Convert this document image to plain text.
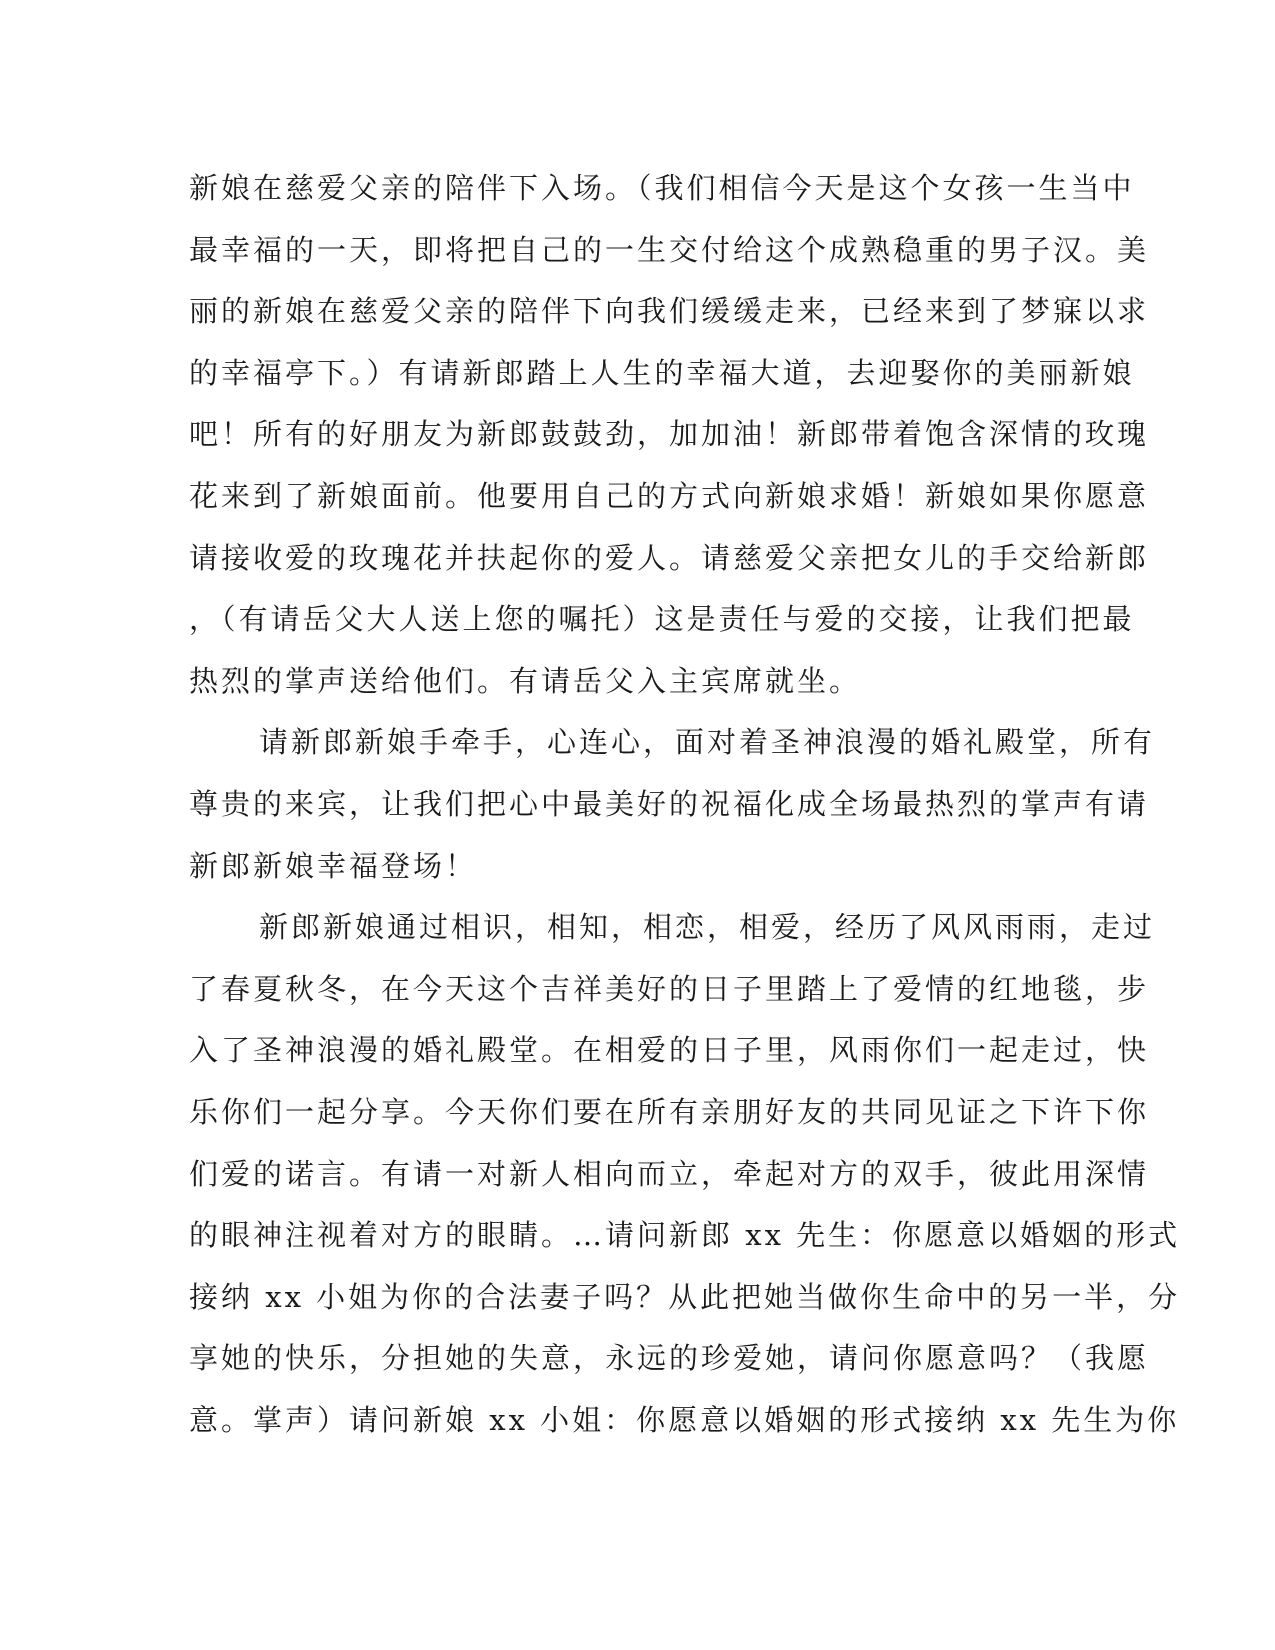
新娘在慈爱父亲的陪伴下入场。（我们相信今天是这个女孩一生当中
最幸福的一天，即将把自己的一生交付给这个成熟稳重的男子汉。美
丽的新娘在慈爱父亲的陪伴下向我们缓缓走来，已经来到了梦寐以求
的幸福亭下。）有请新郎踏上人生的幸福大道，去迎娶你的美丽新娘
吧！所有的好朋友为新郎鼓鼓劲，加加油！新郎带着饱含深情的玫瑰
花来到了新娘面前。他要用自己的方式向新娘求婚！新娘如果你愿意
请接收爱的玫瑰花并扶起你的爱人。请慈爱父亲把女儿的手交给新郎
，（有请岳父大人送上您的嘱托）这是责任与爱的交接，让我们把最
热烈的掌声送给他们。有请岳父入主宾席就坐。
请新郎新娘手牵手，心连心，面对着圣神浪漫的婚礼殿堂，所有
尊贵的来宾，让我们把心中最美好的祝福化成全场最热烈的掌声有请
新郎新娘幸福登场！
新郎新娘通过相识，相知，相恋，相爱，经历了风风雨雨，走过
了春夏秋冬，在今天这个吉祥美好的日子里踏上了爱情的红地毯，步
入了圣神浪漫的婚礼殿堂。在相爱的日子里，风雨你们一起走过，快
乐你们一起分享。今天你们要在所有亲朋好友的共同见证之下许下你
们爱的诺言。有请一对新人相向而立，牵起对方的双手，彼此用深情
的眼神注视着对方的眼睛。…请问新郎 xx 先生：你愿意以婚姻的形式
接纳 xx 小姐为你的合法妻子吗？从此把她当做你生命中的另一半，分
享她的快乐，分担她的失意，永远的珍爱她，请问你愿意吗？（我愿
意。掌声）请问新娘 xx 小姐：你愿意以婚姻的形式接纳 xx 先生为你
